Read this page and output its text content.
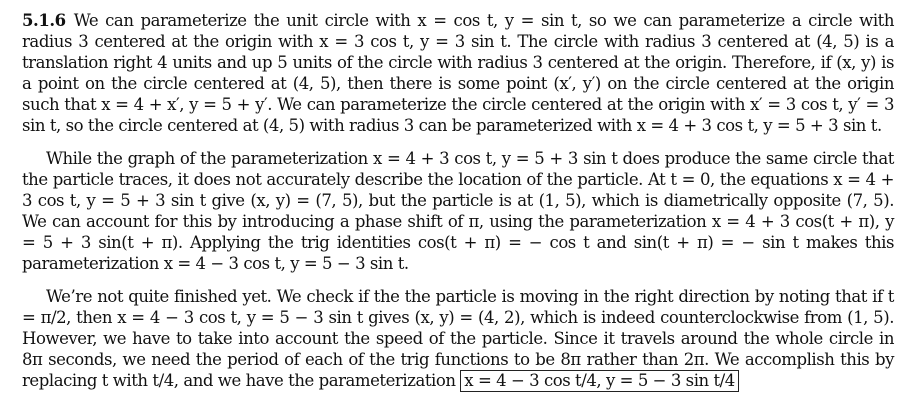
5.1.6 We can parameterize the unit circle with x = cos t, y = sin t, so we can parameterize a circle with radius 3 centered at the origin with x = 3 cos t, y = 3 sin t. The circle with radius 3 centered at (4, 5) is a translation right 4 units and up 5 units of the circle with radius 3 centered at the origin. Therefore, if (x, y) is a point on the circle centered at (4, 5), then there is some point (x′, y′) on the circle centered at the origin such that x = 4 + x′, y = 5 + y′. We can parameterize the circle centered at the origin with x′ = 3 cos t, y′ = 3 sin t, so the circle centered at (4, 5) with radius 3 can be parameterized with x = 4 + 3 cos t, y = 5 + 3 sin t.

While the graph of the parameterization x = 4 + 3 cos t, y = 5 + 3 sin t does produce the same circle that the particle traces, it does not accurately describe the location of the particle. At t = 0, the equations x = 4 + 3 cos t, y = 5 + 3 sin t give (x, y) = (7, 5), but the particle is at (1, 5), which is diametrically opposite (7, 5). We can account for this by introducing a phase shift of π, using the parameterization x = 4 + 3 cos(t + π), y = 5 + 3 sin(t + π). Applying the trig identities cos(t + π) = − cos t and sin(t + π) = − sin t makes this parameterization x = 4 − 3 cos t, y = 5 − 3 sin t.

We’re not quite finished yet. We check if the the particle is moving in the right direction by noting that if t = π/2, then x = 4 − 3 cos t, y = 5 − 3 sin t gives (x, y) = (4, 2), which is indeed counterclockwise from (1, 5). However, we have to take into account the speed of the particle. Since it travels around the whole circle in 8π seconds, we need the period of each of the trig functions to be 8π rather than 2π. We accomplish this by replacing t with t/4, and we have the parameterization x = 4 − 3 cos t/4, y = 5 − 3 sin t/4
